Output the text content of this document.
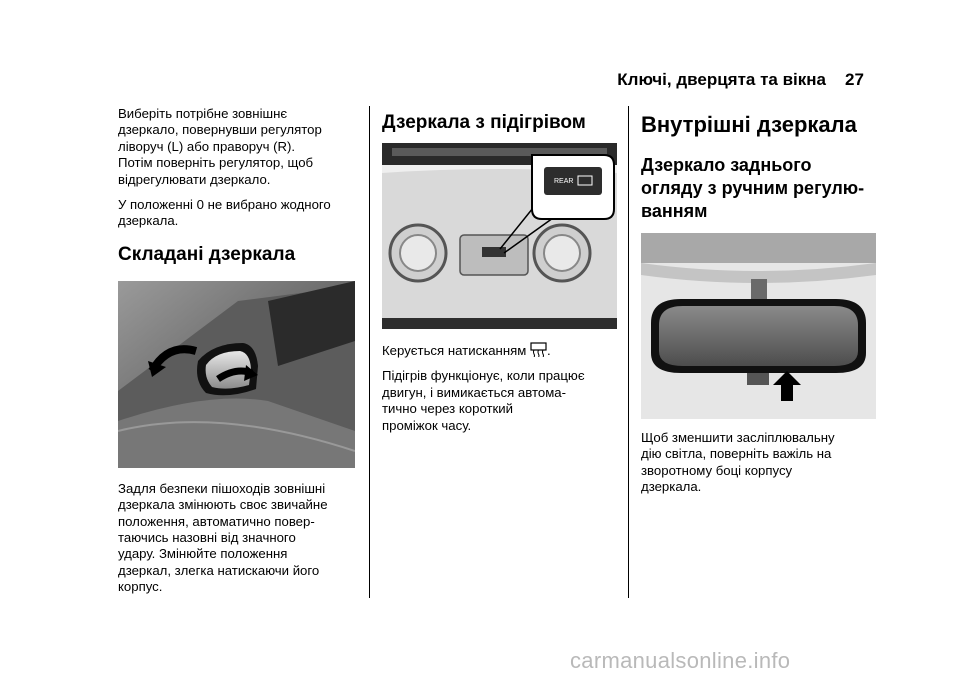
Ключі, дверцята та вікна 27

Виберіть потрібне зовнішнє
дзеркало, повернувши регулятор
ліворуч (L) або праворуч (R).
Потім поверніть регулятор, щоб
відрегулювати дзеркало.

У положенні 0 не вибрано жодного
дзеркала.

Складані дзеркала

Задля безпеки пішоходів зовнішні
дзеркала змінюють своє звичайне
положення, автоматично повер-
таючись назовні від значного
удару. Змінюйте положення
дзеркал, злегка натискаючи його
корпус.

Дзеркала з підігрівом
REAR

Керується натисканням .

Підігрів функціонує, коли працює
двигун, і вимикається автома-
тично через короткий
проміжок часу.

Внутрішні дзеркала
Дзеркало заднього
огляду з ручним регулю-
ванням

Щоб зменшити засліплювальну
дію світла, поверніть важіль на
зворотному боці корпусу
дзеркала.

carmanualsonline.info
